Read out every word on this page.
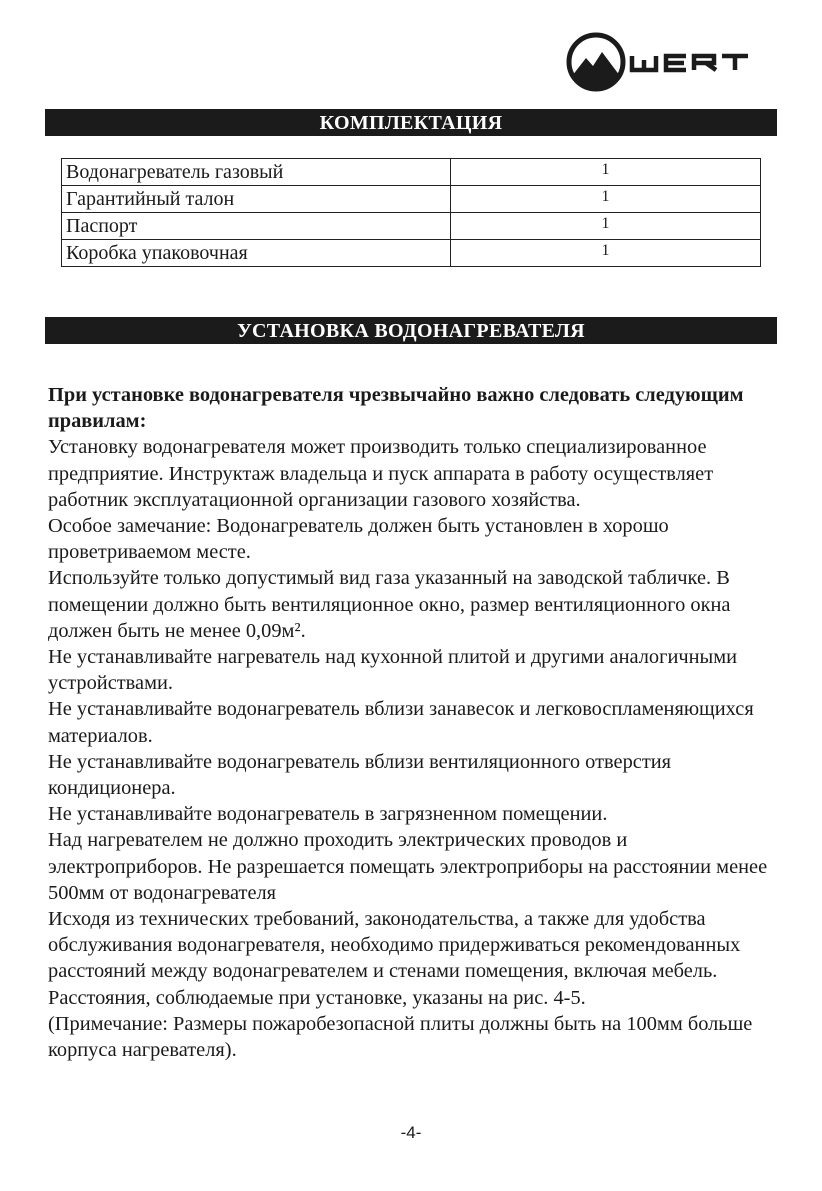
КОМПЛЕКТАЦИЯ
Водонагреватель газовый	1
Гарантийный талон	1
Паспорт	1
Коробка упаковочная	1
УСТАНОВКА ВОДОНАГРЕВАТЕЛЯ

При установке водонагревателя чрезвычайно важно следовать следующим правилам:

Установку водонагревателя может производить только специализированное предприятие. Инструктаж владельца и пуск аппарата в работу осуществляет работник эксплуатационной организации газового хозяйства.

Особое замечание: Водонагреватель должен быть установлен в хорошо проветриваемом месте.

Используйте только допустимый вид газа указанный на заводской табличке. В помещении должно быть вентиляционное окно, размер вентиляционного окна должен быть не менее 0,09м².

Не устанавливайте нагреватель над кухонной плитой и другими аналогичными устройствами.

Не устанавливайте водонагреватель вблизи занавесок и легковоспламеняющихся материалов.

Не устанавливайте водонагреватель вблизи вентиляционного отверстия кондиционера.

Не устанавливайте водонагреватель в загрязненном помещении.

Над нагревателем не должно проходить электрических проводов и электроприборов. Не разрешается помещать электроприборы на расстоянии менее 500мм от водонагревателя

Исходя из технических требований, законодательства, а также для удобства обслуживания водонагревателя, необходимо придерживаться рекомендованных расстояний между водонагревателем и стенами помещения, включая мебель.

Расстояния, соблюдаемые при установке, указаны на рис. 4-5.

(Примечание: Размеры пожаробезопасной плиты должны быть на 100мм больше корпуса нагревателя).

-4-
